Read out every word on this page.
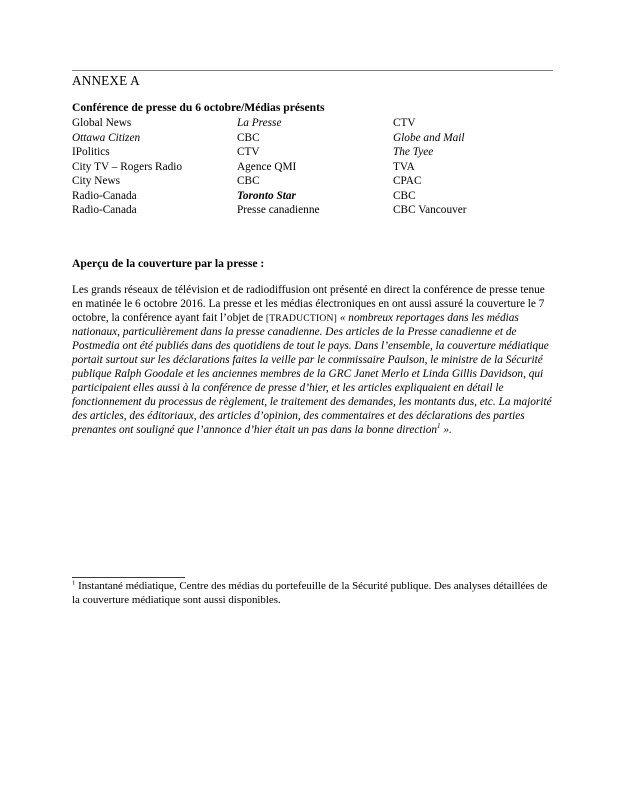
ANNEXE A
Conférence de presse du 6 octobre/Médias présents
Global News	La Presse	CTV
Ottawa Citizen	CBC	Globe and Mail
IPolitics	CTV	The Tyee
City TV – Rogers Radio	Agence QMI	TVA
City News	CBC	CPAC
Radio-Canada	Toronto Star	CBC
Radio-Canada	Presse canadienne	CBC Vancouver
Aperçu de la couverture par la presse :
Les grands réseaux de télévision et de radiodiffusion ont présenté en direct la conférence de presse tenue en matinée le 6 octobre 2016. La presse et les médias électroniques en ont aussi assuré la couverture le 7 octobre, la conférence ayant fait l’objet de [TRADUCTION] « nombreux reportages dans les médias nationaux, particulièrement dans la presse canadienne. Des articles de la Presse canadienne et de Postmedia ont été publiés dans des quotidiens de tout le pays. Dans l’ensemble, la couverture médiatique portait surtout sur les déclarations faites la veille par le commissaire Paulson, le ministre de la Sécurité publique Ralph Goodale et les anciennes membres de la GRC Janet Merlo et Linda Gillis Davidson, qui participaient elles aussi à la conférence de presse d’hier, et les articles expliquaient en détail le fonctionnement du processus de règlement, le traitement des demandes, les montants dus, etc. La majorité des articles, des éditoriaux, des articles d’opinion, des commentaires et des déclarations des parties prenantes ont souligné que l’annonce d’hier était un pas dans la bonne direction$^1$ ».
$^1$ Instantané médiatique, Centre des médias du portefeuille de la Sécurité publique. Des analyses détaillées de la couverture médiatique sont aussi disponibles.
